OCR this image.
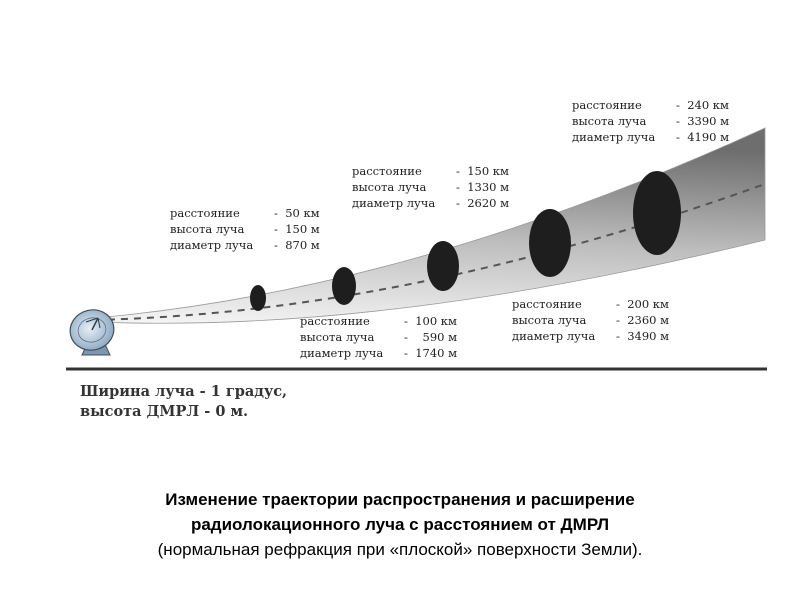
расстояние	-  50 км
высота луча	-  150 м
диаметр луча	-  870 м
расстояние	-  100 км
высота луча	-    590 м
диаметр луча	-  1740 м
расстояние	-  150 км
высота луча	-  1330 м
диаметр луча	-  2620 м
расстояние	-  200 км
высота луча	-  2360 м
диаметр луча	-  3490 м
расстояние	-  240 км
высота луча	-  3390 м
диаметр луча	-  4190 м
Ширина луча - 1 градус,
высота ДМРЛ - 0 м.
Изменение траектории распространения и расширение
радиолокационного луча с расстоянием от ДМРЛ
(нормальная рефракция при «плоской» поверхности Земли).
